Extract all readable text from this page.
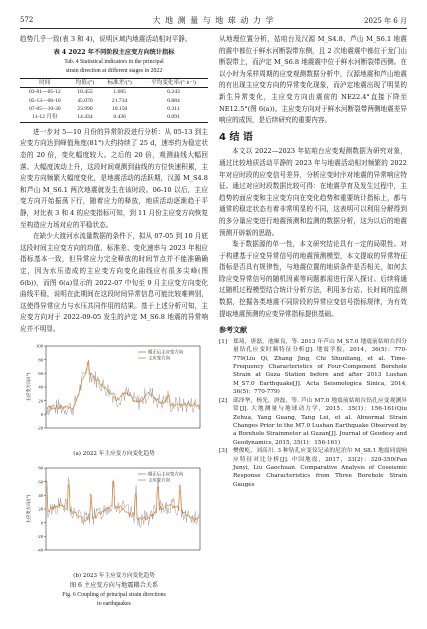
572	大 地 测 量 与 地 球 动 力 学	2025 年 6 月

趋势几乎一致(表 3 和 4)，说明区域内地震活动相对平静。

表 4 2022 年不同阶段主应变方向统计指标
Tab. 4 Statistical indicators in the principal
strain direction at different stages in 2022
时间	均值/(°)	标准差/(°)	平均变化率/(°·h⁻¹)
03-01—05-12	10.455	1.685	0.243
05-13—06-10	45.070	21.734	0.884
07-05—10-30	23.990	10.150	0.311
11-12 月份	14.434	0.436	0.091

进一步对 5—10 月份的异常阶段进行分析：从 05-13 到主应变方向达到峰值角度(81°)大约持续了 25 d，速率约为稳定状态的 20 倍，变化幅度较大。之后的 20 倍，观测曲线大幅回落、大幅度波动上升，这段时间观测到曲线的方位快速积累，主应变方向频繁大幅度变化，是地震活动的活跃期，汉源 M_S4.8 和芦山 M_S6.1 两次地震就发生在该时段。06-10 以后，主应变方向开始振荡下行，随着应力的释放，地质活动逐渐趋于平静，对比表 3 和 4 的应变指标可知，到 11 月份主应变方向恢复至构造应力场对应的平稳状态。

在缺少大渡河水流量数据的条件下，拟从 07-05 到 10 月底这段时间主应变方向的均值、标准差、变化速率与 2023 年相应指标基本一致，但异常应力完全释放的时间节点并不能准确确定，因为水压造成的主应变方向变化曲线应有很多尖峰(图 6(b))，而图 6(a)显示的 2022-07 中旬至 9 月主应变方向变化曲线平稳，说明在此期间在这段时间异常信息可能比较难辨别，这使得异常应力与水压共同作用的结果。基于上述分析可知，主应变方向对于 2022-09-05 发生的泸定 M_S6.8 地震的异常响应并不明显。

-20
0
20
40
60
80
100
主应变方向/(°)
模正后主应变方向
主应变方向
(a) 2022 年主应变方向变化趋势
-40
-20
0
20
40
60
80
主应变方向/(°)
模正后主应变方向
主应变方向
(b) 2023 年主应变方向变化趋势
图 6 主应变方向与地震耦合关系
Fig. 6 Coupling of principal strain directions
to earthquakes

从地理位置分析，姑咱台及汉源 M_S4.8、芦山 M_S6.1 地震的震中都位于鲜水河断裂带东侧，且 2 次地震震中都位于龙门山断裂带上，而泸定 M_S6.8 地震震中位于鲜水河断裂带西侧。在以小时为采样周期的应变观测数据分析中，汉源地震和芦山地震的有出现主应变方向的异常变化现象，而泸定地震出现了明显的新生异常变化，主应变方向由震前的 NE22.4°直接下降至 NE12.5°(图 6(a))。主应变方向对于鲜水河断裂带两侧地震差异响应的成因，是后续研究的重要内容。

4 结 语

本文以 2022—2023 年姑咱台应变观测数据为研究对象，通过比较地质活动平静的 2023 年与地震活动相对频繁的 2022 年对应时段的应变信号差异，分析应变时序对地震的异常响应特征。通过对应时段数据比较可得：在地震孕育及发生过程中，主趋势的面应变和主应变方向在变化趋势和重要统计指标上，都与通常的稳定状态有着非常明显的不同，这表明可以利用分解得到的多分量应变进行地震预测和监测的数据分析，这为以后的地震预测开辟新的思路。

鉴于数据源的单一性，本文研究结论具有一定的局限性。对于构建基于应变异常信号的地震预测模型，本文提取的异常特征指标是否具有规律性，与地震位置的地质条件是否相关，如何去除应变异常信号的随机因素等问题都需进行深入探讨。后续将通过随机过程模型结合统计分析方法，利用多台站、长时间的监测数据，挖掘各类地震不同阶段的异常应变信号指标规律，为有效提取地震预测的应变异常指标提供基础。

参考文献
[1]	郑琦，唐磊，池顺良，等. 2013 年芦山 M_S7.0 地震前姑咱台四分量钻孔应变时频特征分析[J]. 地震学报，2014，36(5)：770-779(Liu Qi, Zhang Jing, Chi Shunliang, et al. Time-Frequency Characteristics of Four-Component Borehole Strain at Guza Station before and after 2013 Lushan M_S7.0 Earthquake[J]. Acta Seismologica Sinica, 2014, 36(5)：770-779)
[2]	邱泽华，杨光，唐磊，等. 芦山 M7.0 地震前姑咱台钻孔应变观测异常[J]. 大地测量与地球动力学，2015，35(1)：156-161(Qiu Zehua, Yang Guang, Tang Lei, et al. Abnormal Strain Changes Prior to the M7.0 Lushan Earthquake Observed by a Borehole Strainmeter at Guzan[J]. Journal of Geodesy and Geodynamics, 2015, 35(1)：156-161)
[3]	樊俊屹，刘高川. 3 种钻孔应变仪记录的尼泊尔 M_S8.1 地震同震响应特征对比分析[J]. 中国地震，2017，33(2)：329-350(Fan Junyi, Liu Gaochuan. Comparative Analysis of Coseismic Response Characteristics from Three Borehole Strain Gauges
